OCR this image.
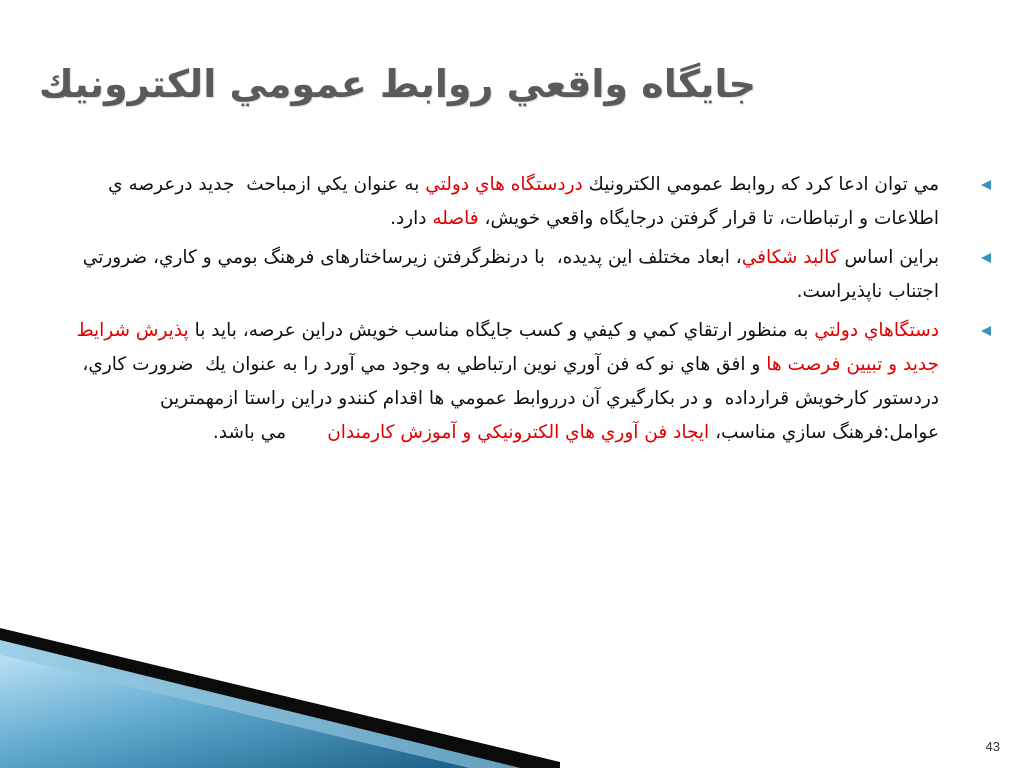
جايگاه واقعي روابط عمومي الكترونيك

مي توان ادعا كرد كه روابط عمومي الكترونيك دردستگاه هاي دولتي به عنوان يكي ازمباحث  جديد درعرصه ي اطلاعات و ارتباطات، تا قرار گرفتن درجايگاه واقعي خويش، فاصله دارد.

براين اساس كالبد شكافي، ابعاد مختلف اين پديده،  با درنظرگرفتن زيرساختارهای فرهنگ بومي و كاري، ضرورتي اجتناب ناپذيراست.

دستگاهاي دولتي به منظور ارتقاي كمي و كيفي و كسب جايگاه مناسب خويش دراين عرصه، بايد با پذيرش شرايط جديد و تبيين فرصت ها و افق هاي نو كه فن آوري نوين ارتباطي به وجود مي آورد را به عنوان يك  ضرورت كاري،  دردستور كارخويش قرارداده  و در بكارگيري آن درروابط عمومي ها اقدام كنندو دراين راستا ازمهمترين عوامل:فرهنگ سازي مناسب، ايجاد فن آوري هاي الكترونيكي و آموزش كارمندان       مي باشد.

43
